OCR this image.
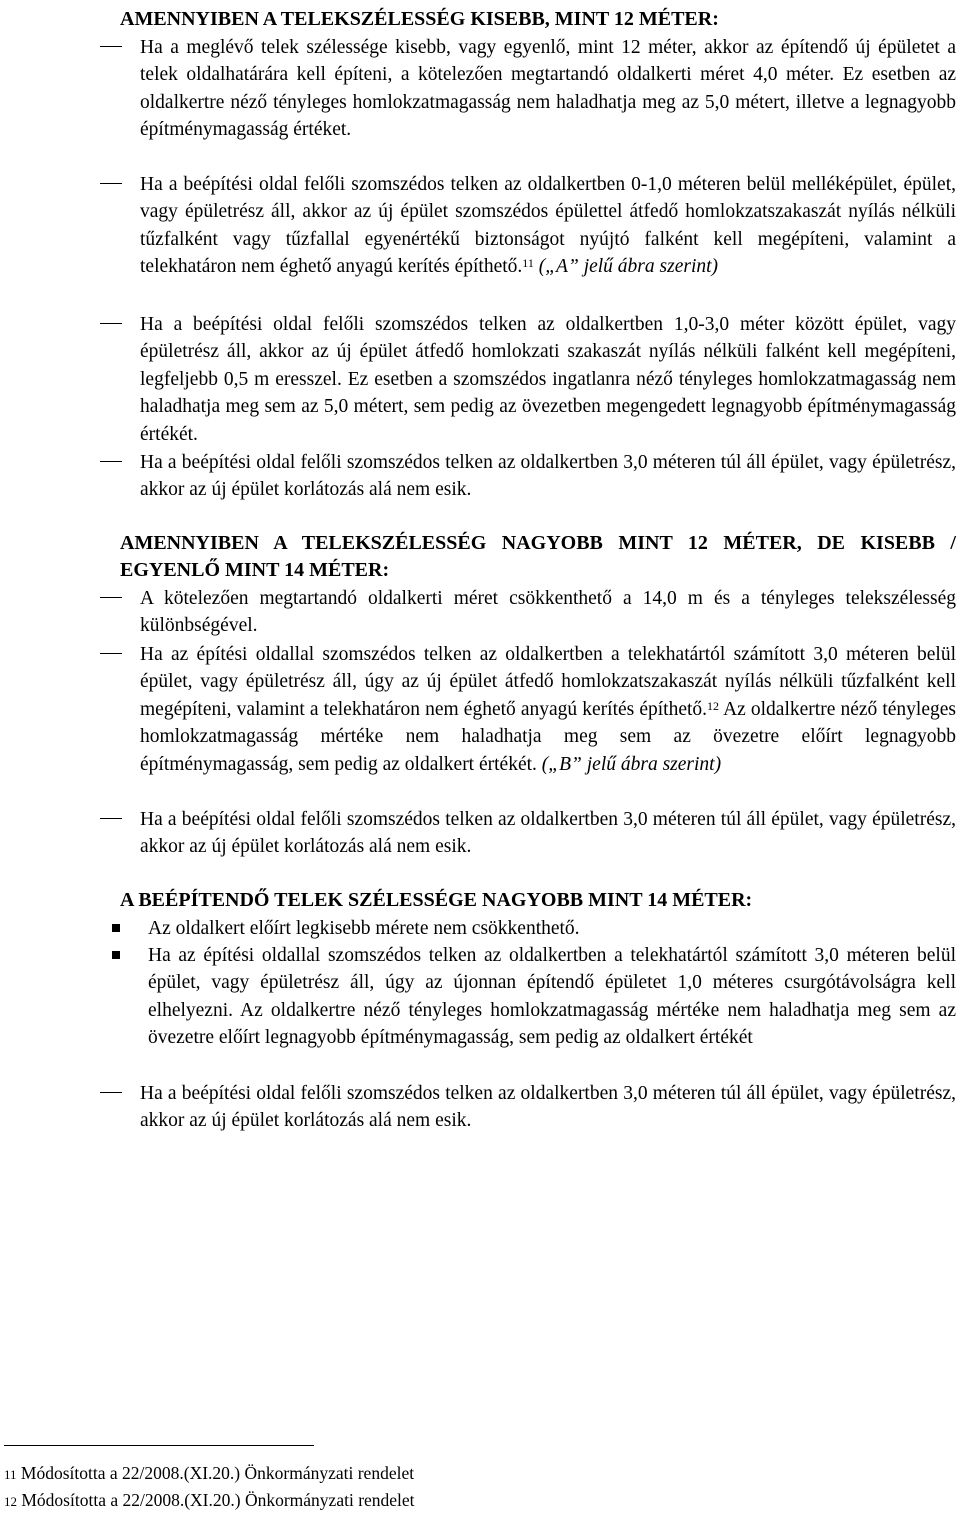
AMENNYIBEN A TELEKSZÉLESSÉG KISEBB, MINT 12 MÉTER:
Ha a meglévő telek szélessége kisebb, vagy egyenlő, mint 12 méter, akkor az építendő új épületet a telek oldalhatárára kell építeni, a kötelezően megtartandó oldalkerti méret 4,0 méter. Ez esetben az oldalkertre néző tényleges homlokzatmagasság nem haladhatja meg az 5,0 métert, illetve a legnagyobb építménymagasság értéket.
Ha a beépítési oldal felőli szomszédos telken az oldalkertben 0-1,0 méteren belül melléképület, épület, vagy épületrész áll, akkor az új épület szomszédos épülettel átfedő homlokzatszakaszát nyílás nélküli tűzfalként vagy tűzfallal egyenértékű biztonságot nyújtó falként kell megépíteni, valamint a telekhatáron nem éghető anyagú kerítés építhető.$^{11}$ („A” jelű ábra szerint)
Ha a beépítési oldal felőli szomszédos telken az oldalkertben 1,0-3,0 méter között épület, vagy épületrész áll, akkor az új épület átfedő homlokzati szakaszát nyílás nélküli falként kell megépíteni, legfeljebb 0,5 m eresszel. Ez esetben a szomszédos ingatlanra néző tényleges homlokzatmagasság nem haladhatja meg sem az 5,0 métert, sem pedig az övezetben megengedett legnagyobb építménymagasság értékét.
Ha a beépítési oldal felőli szomszédos telken az oldalkertben 3,0 méteren túl áll épület, vagy épületrész, akkor az új épület korlátozás alá nem esik.
AMENNYIBEN A TELEKSZÉLESSÉG NAGYOBB MINT 12 MÉTER, DE KISEBB / EGYENLŐ MINT 14 MÉTER:
A kötelezően megtartandó oldalkerti méret csökkenthető a 14,0 m és a tényleges telekszélesség különbségével.
Ha az építési oldallal szomszédos telken az oldalkertben a telekhatártól számított 3,0 méteren belül épület, vagy épületrész áll, úgy az új épület átfedő homlokzatszakaszát nyílás nélküli tűzfalként kell megépíteni, valamint a telekhatáron nem éghető anyagú kerítés építhető.$^{12}$ Az oldalkertre néző tényleges homlokzatmagasság mértéke nem haladhatja meg sem az övezetre előírt legnagyobb építménymagasság, sem pedig az oldalkert értékét. („B” jelű ábra szerint)
Ha a beépítési oldal felőli szomszédos telken az oldalkertben 3,0 méteren túl áll épület, vagy épületrész, akkor az új épület korlátozás alá nem esik.
A BEÉPÍTENDŐ TELEK SZÉLESSÉGE NAGYOBB MINT 14 MÉTER:
Az oldalkert előírt legkisebb mérete nem csökkenthető.
Ha az építési oldallal szomszédos telken az oldalkertben a telekhatártól számított 3,0 méteren belül épület, vagy épületrész áll, úgy az újonnan építendő épületet 1,0 méteres csurgótávolságra kell elhelyezni. Az oldalkertre néző tényleges homlokzatmagasság mértéke nem haladhatja meg sem az övezetre előírt legnagyobb építménymagasság, sem pedig az oldalkert értékét
Ha a beépítési oldal felőli szomszédos telken az oldalkertben 3,0 méteren túl áll épület, vagy épületrész, akkor az új épület korlátozás alá nem esik.
11 Módosította a 22/2008.(XI.20.) Önkormányzati rendelet
12 Módosította a 22/2008.(XI.20.) Önkormányzati rendelet
